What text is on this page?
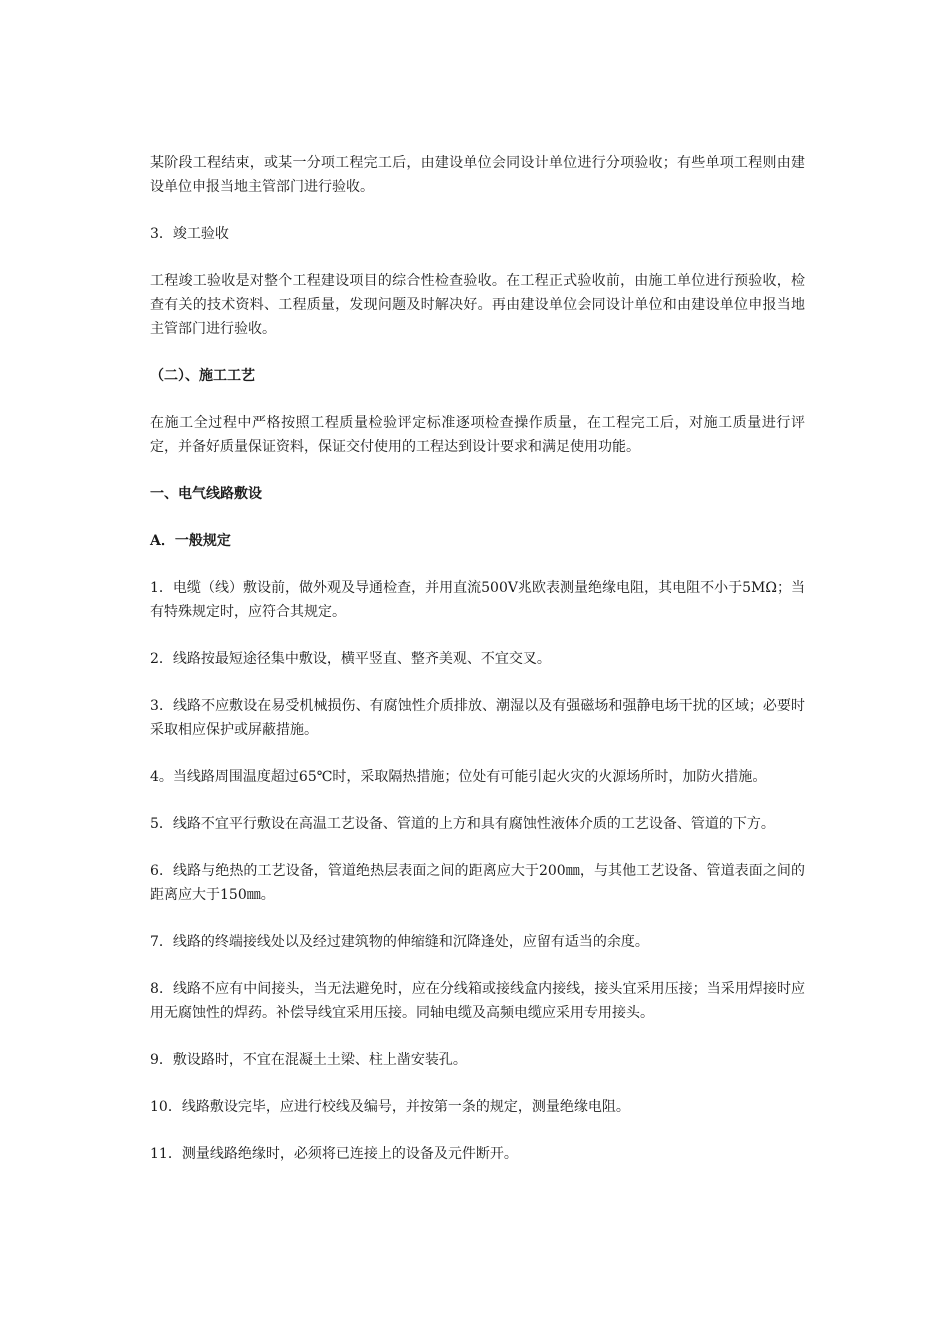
某阶段工程结束，或某一分项工程完工后，由建设单位会同设计单位进行分项验收；有些单项工程则由建设单位申报当地主管部门进行验收。

3．竣工验收

工程竣工验收是对整个工程建设项目的综合性检查验收。在工程正式验收前，由施工单位进行预验收，检查有关的技术资料、工程质量，发现问题及时解决好。再由建设单位会同设计单位和由建设单位申报当地主管部门进行验收。

（二）、施工工艺

在施工全过程中严格按照工程质量检验评定标准逐项检查操作质量，在工程完工后，对施工质量进行评定，并备好质量保证资料，保证交付使用的工程达到设计要求和满足使用功能。

一、电气线路敷设

A．一般规定

1．电缆（线）敷设前，做外观及导通检查，并用直流500V兆欧表测量绝缘电阻，其电阻不小于5MΩ；当有特殊规定时，应符合其规定。

2．线路按最短途径集中敷设，横平竖直、整齐美观、不宜交叉。

3．线路不应敷设在易受机械损伤、有腐蚀性介质排放、潮湿以及有强磁场和强静电场干扰的区域；必要时采取相应保护或屏蔽措施。

4。当线路周围温度超过65℃时，采取隔热措施；位处有可能引起火灾的火源场所时，加防火措施。

5．线路不宜平行敷设在高温工艺设备、管道的上方和具有腐蚀性液体介质的工艺设备、管道的下方。

6．线路与绝热的工艺设备，管道绝热层表面之间的距离应大于200㎜，与其他工艺设备、管道表面之间的距离应大于150㎜。

7．线路的终端接线处以及经过建筑物的伸缩缝和沉降逢处，应留有适当的余度。

8．线路不应有中间接头，当无法避免时，应在分线箱或接线盒内接线，接头宜采用压接；当采用焊接时应用无腐蚀性的焊药。补偿导线宜采用压接。同轴电缆及高频电缆应采用专用接头。

9．敷设路时，不宜在混凝土土梁、柱上凿安装孔。

10．线路敷设完毕，应进行校线及编号，并按第一条的规定，测量绝缘电阻。

11．测量线路绝缘时，必须将已连接上的设备及元件断开。
